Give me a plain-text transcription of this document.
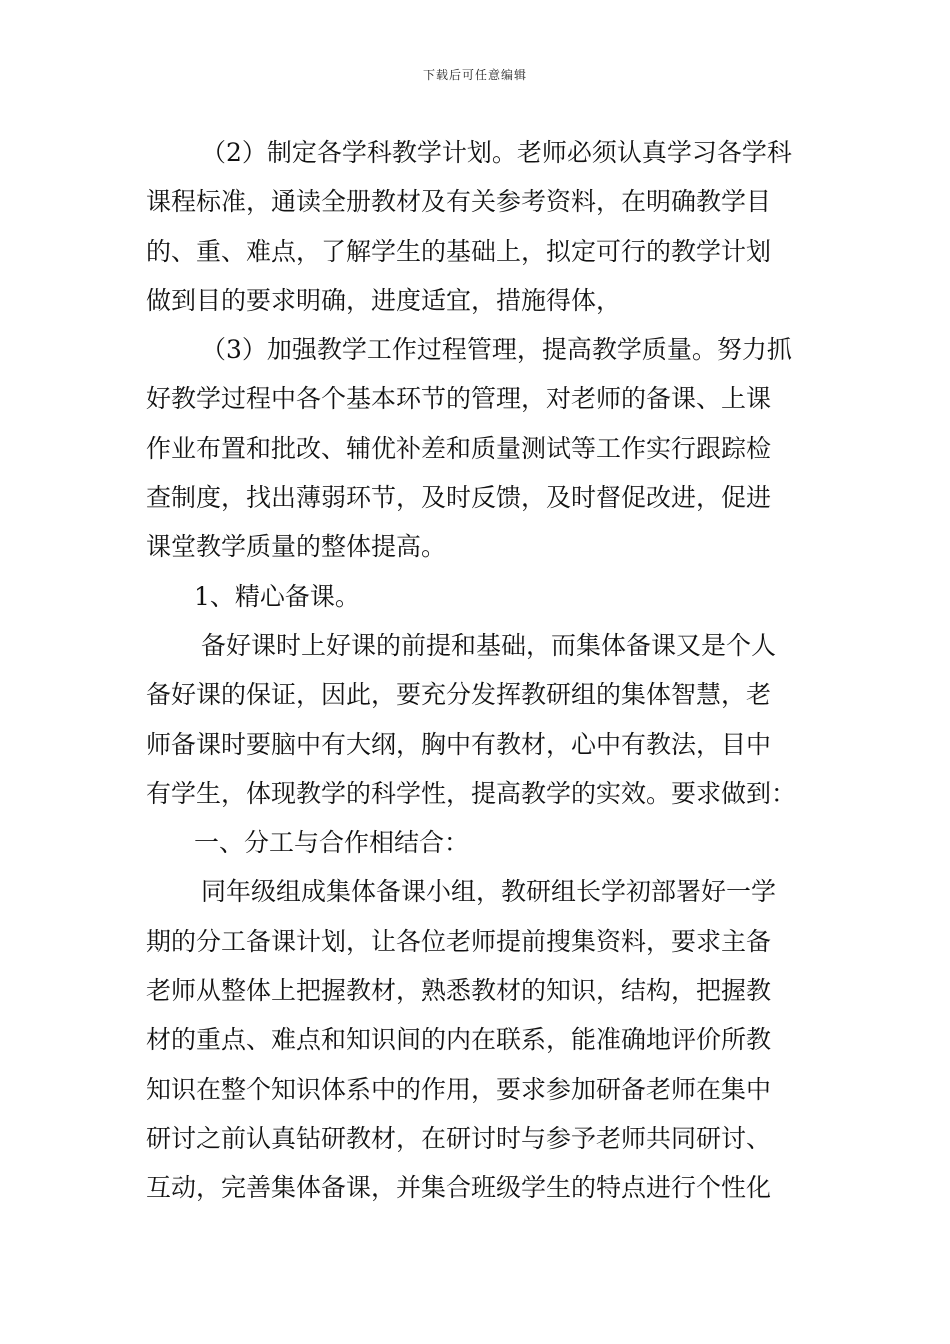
下载后可任意编辑
（2）制定各学科教学计划。老师必须认真学习各学科
课程标准，通读全册教材及有关参考资料，在明确教学目
的、重、难点，了解学生的基础上，拟定可行的教学计划
做到目的要求明确，进度适宜，措施得体，
（3）加强教学工作过程管理，提高教学质量。努力抓
好教学过程中各个基本环节的管理，对老师的备课、上课
作业布置和批改、辅优补差和质量测试等工作实行跟踪检
查制度，找出薄弱环节，及时反馈，及时督促改进，促进
课堂教学质量的整体提高。
1、精心备课。
备好课时上好课的前提和基础，而集体备课又是个人
备好课的保证，因此，要充分发挥教研组的集体智慧，老
师备课时要脑中有大纲，胸中有教材，心中有教法，目中
有学生，体现教学的科学性，提高教学的实效。要求做到：
一、分工与合作相结合：
同年级组成集体备课小组，教研组长学初部署好一学
期的分工备课计划，让各位老师提前搜集资料，要求主备
老师从整体上把握教材，熟悉教材的知识，结构，把握教
材的重点、难点和知识间的内在联系，能准确地评价所教
知识在整个知识体系中的作用，要求参加研备老师在集中
研讨之前认真钻研教材，在研讨时与参予老师共同研讨、
互动，完善集体备课，并集合班级学生的特点进行个性化
